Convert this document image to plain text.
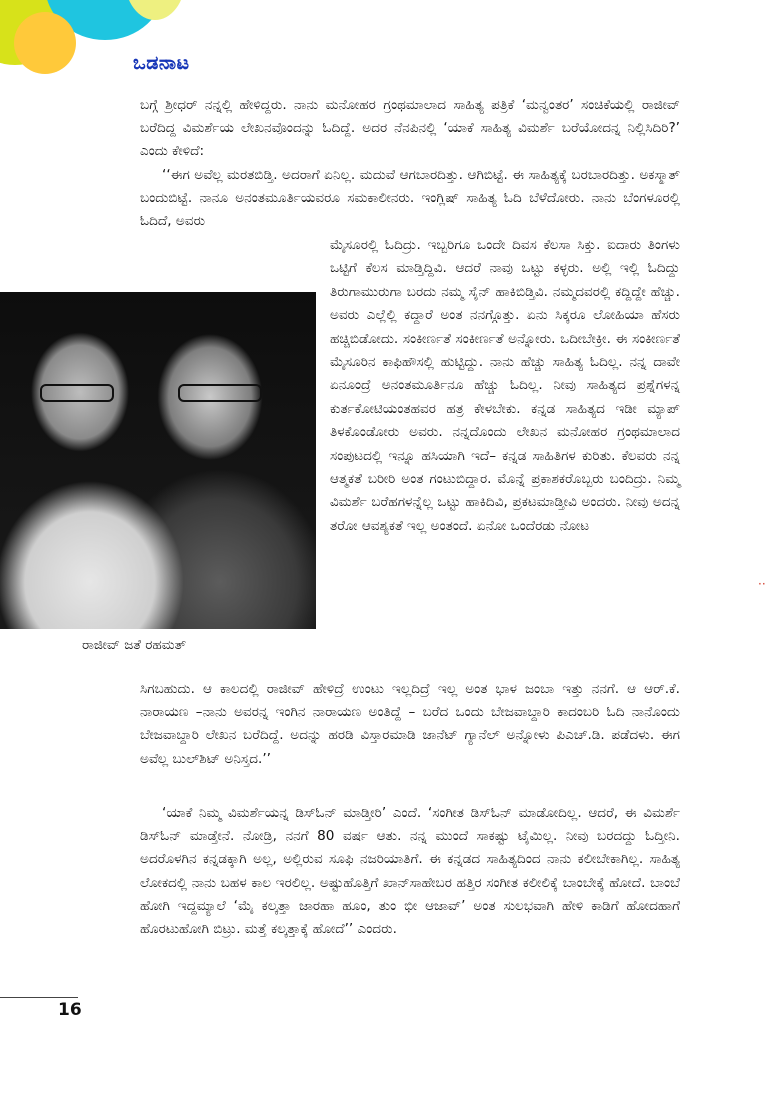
ಒಡನಾಟ

ಬಗ್ಗೆ ಶ್ರೀಧರ್ ನನ್ನಲ್ಲಿ ಹೇಳಿದ್ದರು. ನಾನು ಮನೋಹರ ಗ್ರಂಥಮಾಲಾದ ಸಾಹಿತ್ಯ ಪತ್ರಿಕೆ ‘ಮನ್ವಂತರ’ ಸಂಚಿಕೆಯಲ್ಲಿ ರಾಜೀವ್ ಬರೆದಿದ್ದ ವಿಮರ್ಶೆಯ ಲೇಖನವೊಂದನ್ನು ಓದಿದ್ದೆ. ಅದರ ನೆನಪಿನಲ್ಲಿ ‘ಯಾಕೆ ಸಾಹಿತ್ಯ ವಿಮರ್ಶೆ ಬರೆಯೋದನ್ನ ನಿಲ್ಲಿಸಿದಿರಿ?’ ಎಂದು ಕೇಳಿದೆ:

‘‘ಈಗ ಅವೆಲ್ಲ ಮರತಬಿಡ್ತಿ. ಅದರಾಗೆ ಏನಿಲ್ಲ. ಮದುವೆ ಆಗಬಾರದಿತ್ತು. ಆಗಿಬಿಟ್ಟೆ. ಈ ಸಾಹಿತ್ಯಕ್ಕೆ ಬರಬಾರದಿತ್ತು. ಅಕಸ್ಮಾತ್ ಬಂದುಬಿಟ್ಟೆ. ನಾನೂ ಅನಂತಮೂರ್ತಿಯವರೂ ಸಮಕಾಲೀನರು. ಇಂಗ್ಲಿಷ್ ಸಾಹಿತ್ಯ ಓದಿ ಬೆಳೆದೋರು. ನಾನು ಬೆಂಗಳೂರಲ್ಲಿ ಓದಿದೆ, ಅವರು

ರಾಜೀವ್ ಜತೆ ರಹಮತ್

ಮೈಸೂರಲ್ಲಿ ಓದಿದ್ರು. ಇಬ್ಬರಿಗೂ ಒಂದೇ ದಿವಸ ಕೆಲಸಾ ಸಿಕ್ತು. ಐದಾರು ತಿಂಗಳು ಒಟ್ಟಿಗೆ ಕೆಲಸ ಮಾಡ್ತಿದ್ದಿವಿ. ಆದರೆ ನಾವು ಒಟ್ಟು ಕಳ್ಳರು. ಅಲ್ಲಿ ಇಲ್ಲಿ ಓದಿದ್ದು ತಿರುಗಾಮುರುಗಾ ಬರದು ನಮ್ಮ ಸೈನ್ ಹಾಕಿಬಿಡ್ತಿವಿ. ನಮ್ಮದವರಲ್ಲಿ ಕದ್ದಿದ್ದೇ ಹೆಚ್ಚು. ಅವರು ಎಲ್ಲೆಲ್ಲಿ ಕದ್ದಾರೆ ಅಂತ ನನಗ್ಗೊತ್ತು. ಏನು ಸಿಕ್ಕರೂ ಲೋಹಿಯಾ ಹೆಸರು ಹಚ್ಚಿಬಿಡೋದು. ಸಂಕೀರ್ಣತೆ ಸಂಕೀರ್ಣತೆ ಅನ್ನೋರು. ಒದೀಬೇಕ್ರೀ. ಈ ಸಂಕೀರ್ಣತೆ ಮೈಸೂರಿನ ಕಾಫಿಹೌಸಲ್ಲಿ ಹುಟ್ಟಿದ್ದು. ನಾನು ಹೆಚ್ಚು ಸಾಹಿತ್ಯ ಓದಿಲ್ಲ. ನನ್ನ ದಾವೇ ಏನೂಂದ್ರೆ ಅನಂತಮೂರ್ತಿನೂ ಹೆಚ್ಚು ಓದಿಲ್ಲ. ನೀವು ಸಾಹಿತ್ಯದ ಪ್ರಶ್ನೆಗಳನ್ನ ಕುರ್ತಕೋಟಿಯಂತಹವರ ಹತ್ರ ಕೇಳಬೇಕು. ಕನ್ನಡ ಸಾಹಿತ್ಯದ ಇಡೀ ಮ್ಯಾಪ್ ತಿಳಕೊಂಡೋರು ಅವರು. ನನ್ನದೊಂದು ಲೇಖನ ಮನೋಹರ ಗ್ರಂಥಮಾಲಾದ ಸಂಪುಟದಲ್ಲಿ ಇನ್ನೂ ಹಸಿಯಾಗಿ ಇದೆ– ಕನ್ನಡ ಸಾಹಿತಿಗಳ ಕುರಿತು. ಕೆಲವರು ನನ್ನ ಆತ್ಮಕತೆ ಬರೀರಿ ಅಂತ ಗಂಟುಬಿದ್ದಾರ. ಮೊನ್ನೆ ಪ್ರಕಾಶಕರೊಬ್ಬರು ಬಂದಿದ್ರು. ನಿಮ್ಮ ವಿಮರ್ಶೆ ಬರೆಹಗಳನ್ನೆಲ್ಲ ಒಟ್ಟು ಹಾಕಿದಿವಿ, ಪ್ರಕಟಮಾಡ್ತೀವಿ ಅಂದರು. ನೀವು ಅದನ್ನ ತರೋ ಆವಶ್ಯಕತೆ ಇಲ್ಲ ಅಂತಂದೆ. ಏನೋ ಒಂದೆರಡು ನೋಟ

ಸಿಗಬಹುದು. ಆ ಕಾಲದಲ್ಲಿ ರಾಜೀವ್ ಹೇಳಿದ್ರೆ ಉಂಟು ಇಲ್ಲದಿದ್ರೆ ಇಲ್ಲ ಅಂತ ಭಾಳ ಜಂಬಾ ಇತ್ತು ನನಗೆ. ಆ ಆರ್.ಕೆ. ನಾರಾಯಣ –ನಾನು ಅವರನ್ನ ಇಂಗಿನ ನಾರಾಯಣ ಅಂತಿದ್ದೆ – ಬರೆದ ಒಂದು ಬೇಜವಾಬ್ದಾರಿ ಕಾದಂಬರಿ ಓದಿ ನಾನೊಂದು ಬೇಜವಾಬ್ದಾರಿ ಲೇಖನ ಬರೆದಿದ್ದೆ. ಅದನ್ನು ಹರಡಿ ವಿಸ್ತಾರಮಾಡಿ ಜಾನೆಟ್ ಗ್ಯಾನೆಲ್ ಅನ್ನೋಳು ಪಿಎಚ್.ಡಿ. ಪಡೆದಳು. ಈಗ ಅವೆಲ್ಲ ಬುಲ್‌ಶಿಟ್ ಅನಿಸ್ತದ.’’

‘ಯಾಕೆ ನಿಮ್ಮ ವಿಮರ್ಶೆಯನ್ನ ಡಿಸ್‌ಓನ್ ಮಾಡ್ತೀರಿ’ ಎಂದೆ. ‘ಸಂಗೀತ ಡಿಸ್‌ಓನ್ ಮಾಡೋದಿಲ್ಲ. ಆದರೆ, ಈ ವಿಮರ್ಶೆ ಡಿಸ್‌ಓನ್ ಮಾಡ್ತೇನೆ. ನೋಡ್ರಿ, ನನಗೆ 80 ವರ್ಷ ಆತು. ನನ್ನ ಮುಂದೆ ಸಾಕಷ್ಟು ಟೈಮಿಲ್ಲ. ನೀವು ಬರದದ್ದು ಓದ್ತೀನಿ. ಅದರೊಳಗಿನ ಕನ್ನಡಕ್ಕಾಗಿ ಅಲ್ಲ, ಅಲ್ಲಿರುವ ಸೂಫಿ ನಜರಿಯಾತಿಗೆ. ಈ ಕನ್ನಡದ ಸಾಹಿತ್ಯದಿಂದ ನಾನು ಕಲೀಬೇಕಾಗಿಲ್ಲ. ಸಾಹಿತ್ಯ ಲೋಕದಲ್ಲಿ ನಾನು ಬಹಳ ಕಾಲ ಇರಲಿಲ್ಲ. ಅಷ್ಟುಹೊತ್ತಿಗೆ ಖಾನ್‌ಸಾಹೇಬರ ಹತ್ತಿರ ಸಂಗೀತ ಕಲೀಲಿಕ್ಕೆ ಬಾಂಬೇಕ್ಕೆ ಹೋದೆ. ಬಾಂಬೆ ಹೋಗಿ ಇದ್ದಮ್ಯಾಲೆ ‘ಮೈ ಕಲ್ಕತ್ತಾ ಜಾರಹಾ ಹೂಂ, ತುಂ ಭೀ ಆಜಾವ್’ ಅಂತ ಸುಲಭವಾಗಿ ಹೇಳಿ ಕಾಡಿಗೆ ಹೋದಹಾಗೆ ಹೊರಟುಹೋಗಿ ಬಿಟ್ರು. ಮತ್ತೆ ಕಲ್ಕತ್ತಾಕ್ಕೆ ಹೋದೆ’’ ಎಂದರು.

··
16
